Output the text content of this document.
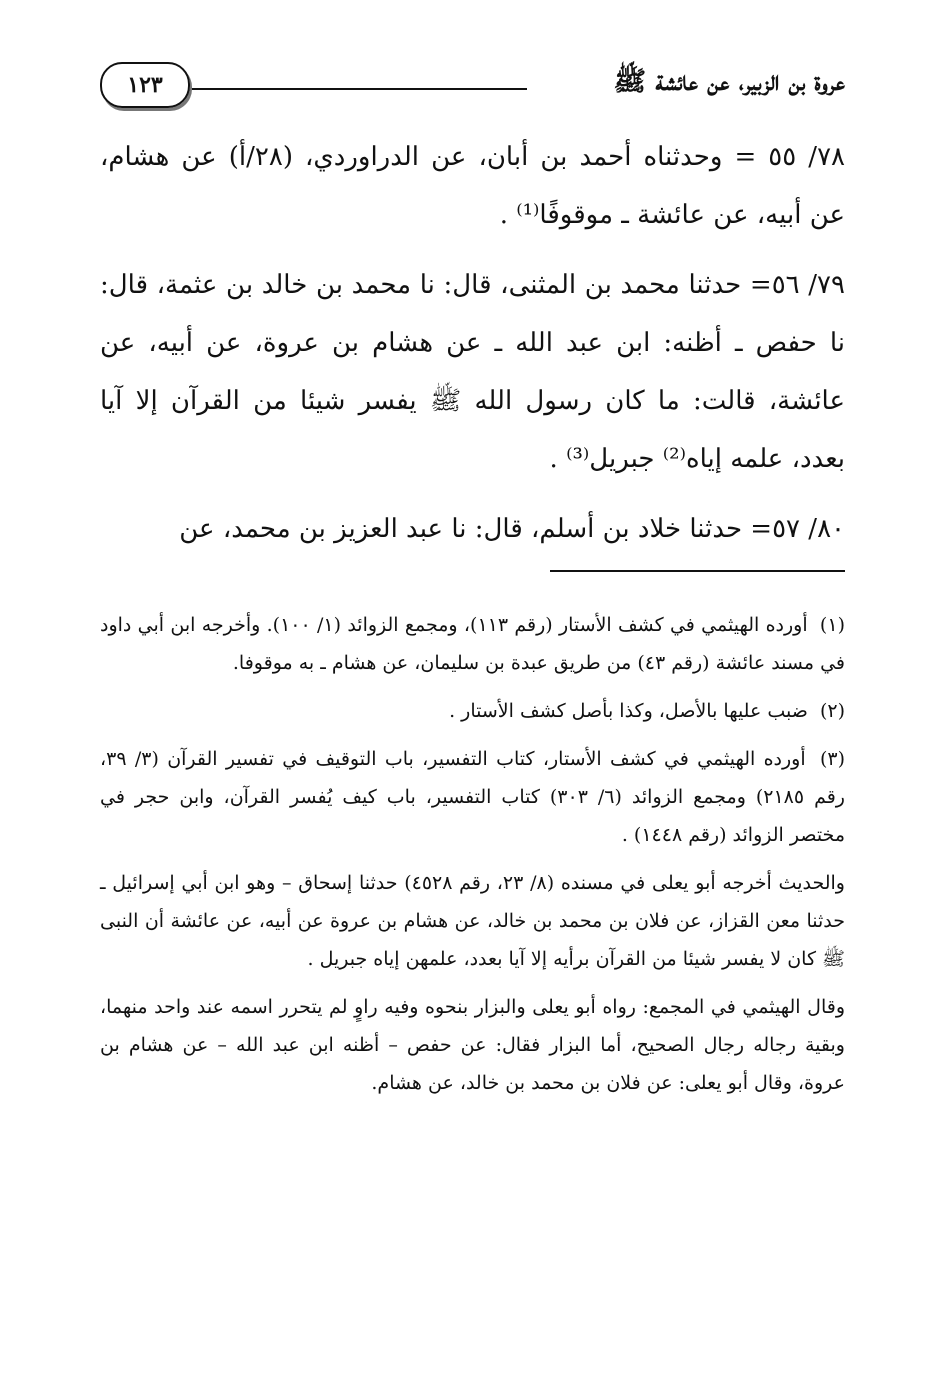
عروة بن الزبير، عن عائشة ﷺ
١٢٣

٧٨/ ٥٥ = وحدثناه أحمد بن أبان، عن الدراوردي، (٢٨/أ) عن هشام، عن أبيه، عن عائشة ـ موقوفًا⁽¹⁾ .

٧٩/ ٥٦= حدثنا محمد بن المثنى، قال: نا محمد بن خالد بن عثمة، قال: نا حفص ـ أظنه: ابن عبد الله ـ عن هشام بن عروة، عن أبيه، عن عائشة، قالت: ما كان رسول الله ﷺ يفسر شيئا من القرآن إلا آيا بعدد، علمه إياه⁽²⁾ جبريل⁽³⁾ .

٨٠/ ٥٧= حدثنا خلاد بن أسلم، قال: نا عبد العزيز بن محمد، عن

(١) أورده الهيثمي في كشف الأستار (رقم ١١٣)، ومجمع الزوائد (١/ ١٠٠). وأخرجه ابن أبي داود في مسند عائشة (رقم ٤٣) من طريق عبدة بن سليمان، عن هشام ـ به موقوفا.
(٢) ضبب عليها بالأصل، وكذا بأصل كشف الأستار .
(٣) أورده الهيثمي في كشف الأستار، كتاب التفسير، باب التوقيف في تفسير القرآن (٣/ ٣٩، رقم ٢١٨٥) ومجمع الزوائد (٦/ ٣٠٣) كتاب التفسير، باب كيف يُفسر القرآن، وابن حجر في مختصر الزوائد (رقم ١٤٤٨) .
والحديث أخرجه أبو يعلى في مسنده (٨/ ٢٣، رقم ٤٥٢٨) حدثنا إسحاق – وهو ابن أبي إسرائيل ـ حدثنا معن القزاز، عن فلان بن محمد بن خالد، عن هشام بن عروة عن أبيه، عن عائشة أن النبى ﷺ كان لا يفسر شيئا من القرآن برأيه إلا آيا بعدد، علمهن إياه جبريل .
وقال الهيثمي في المجمع: رواه أبو يعلى والبزار بنحوه وفيه راوٍ لم يتحرر اسمه عند واحد منهما، وبقية رجاله رجال الصحيح، أما البزار فقال: عن حفص – أظنه ابن عبد الله – عن هشام بن عروة، وقال أبو يعلى: عن فلان بن محمد بن خالد، عن هشام.
